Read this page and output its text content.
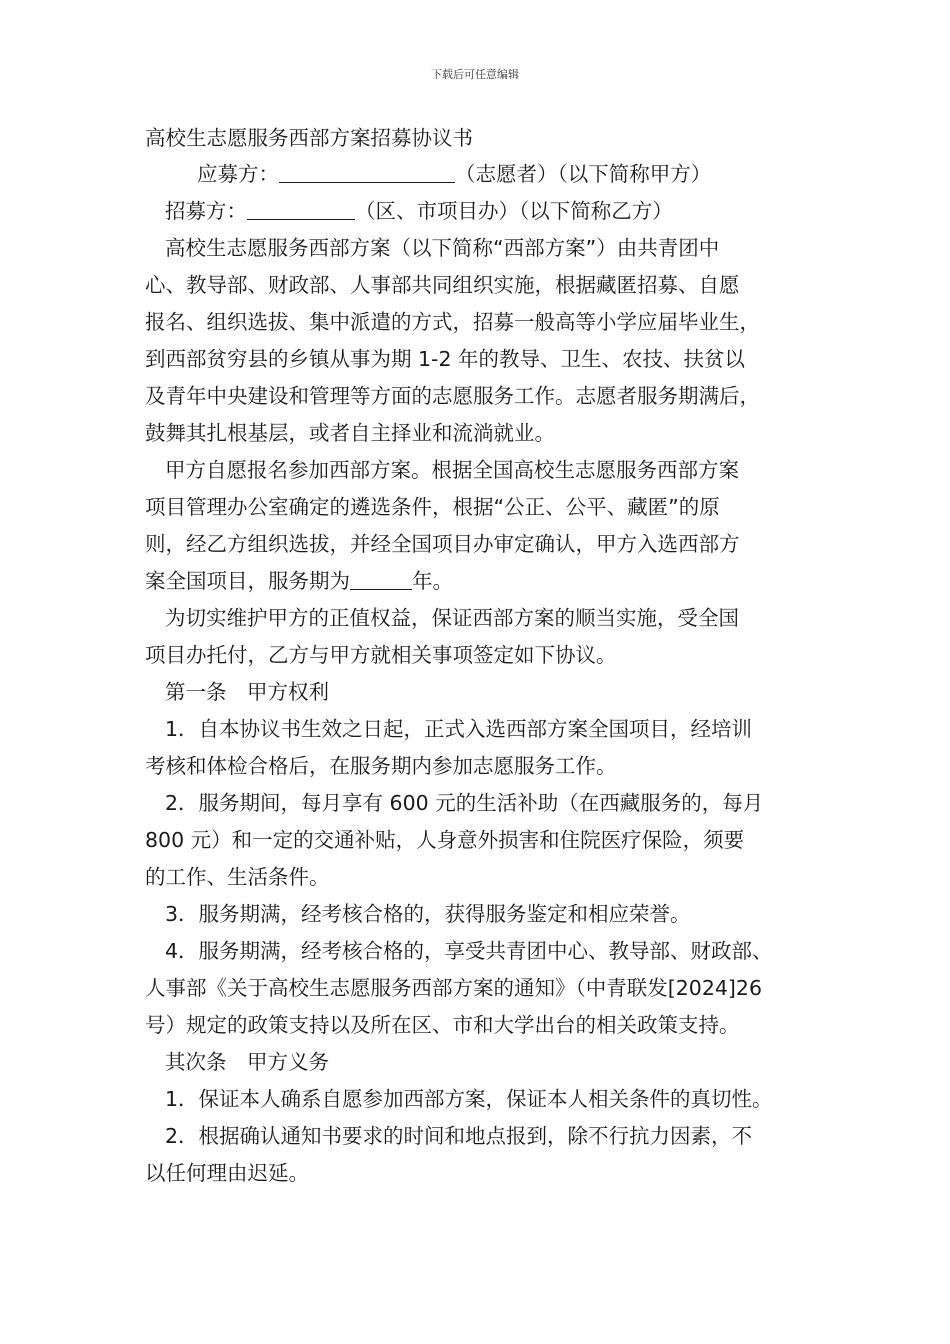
下载后可任意编辑
高校生志愿服务西部方案招募协议书
应募方：	（志愿者）（以下简称甲方）
招募方：	（区、市项目办）（以下简称乙方）
高校生志愿服务西部方案（以下简称“西部方案”）由共青团中
心、教导部、财政部、人事部共同组织实施，根据藏匿招募、自愿
报名、组织选拔、集中派遣的方式，招募一般高等小学应届毕业生，
到西部贫穷县的乡镇从事为期 1-2 年的教导、卫生、农技、扶贫以
及青年中央建设和管理等方面的志愿服务工作。志愿者服务期满后，
鼓舞其扎根基层，或者自主择业和流淌就业。
甲方自愿报名参加西部方案。根据全国高校生志愿服务西部方案
项目管理办公室确定的遴选条件，根据“公正、公平、藏匿”的原
则，经乙方组织选拔，并经全国项目办审定确认，甲方入选西部方
案全国项目，服务期为	年。
为切实维护甲方的正值权益，保证西部方案的顺当实施，受全国
项目办托付，乙方与甲方就相关事项签定如下协议。
第一条　甲方权利
1．自本协议书生效之日起，正式入选西部方案全国项目，经培训
考核和体检合格后，在服务期内参加志愿服务工作。
2．服务期间，每月享有 600 元的生活补助（在西藏服务的，每月
800 元）和一定的交通补贴，人身意外损害和住院医疗保险，须要
的工作、生活条件。
3．服务期满，经考核合格的，获得服务鉴定和相应荣誉。
4．服务期满，经考核合格的，享受共青团中心、教导部、财政部、
人事部《关于高校生志愿服务西部方案的通知》（中青联发[2024]26
号）规定的政策支持以及所在区、市和大学出台的相关政策支持。
其次条　甲方义务
1．保证本人确系自愿参加西部方案，保证本人相关条件的真切性。
2．根据确认通知书要求的时间和地点报到，除不行抗力因素，不
以任何理由迟延。
